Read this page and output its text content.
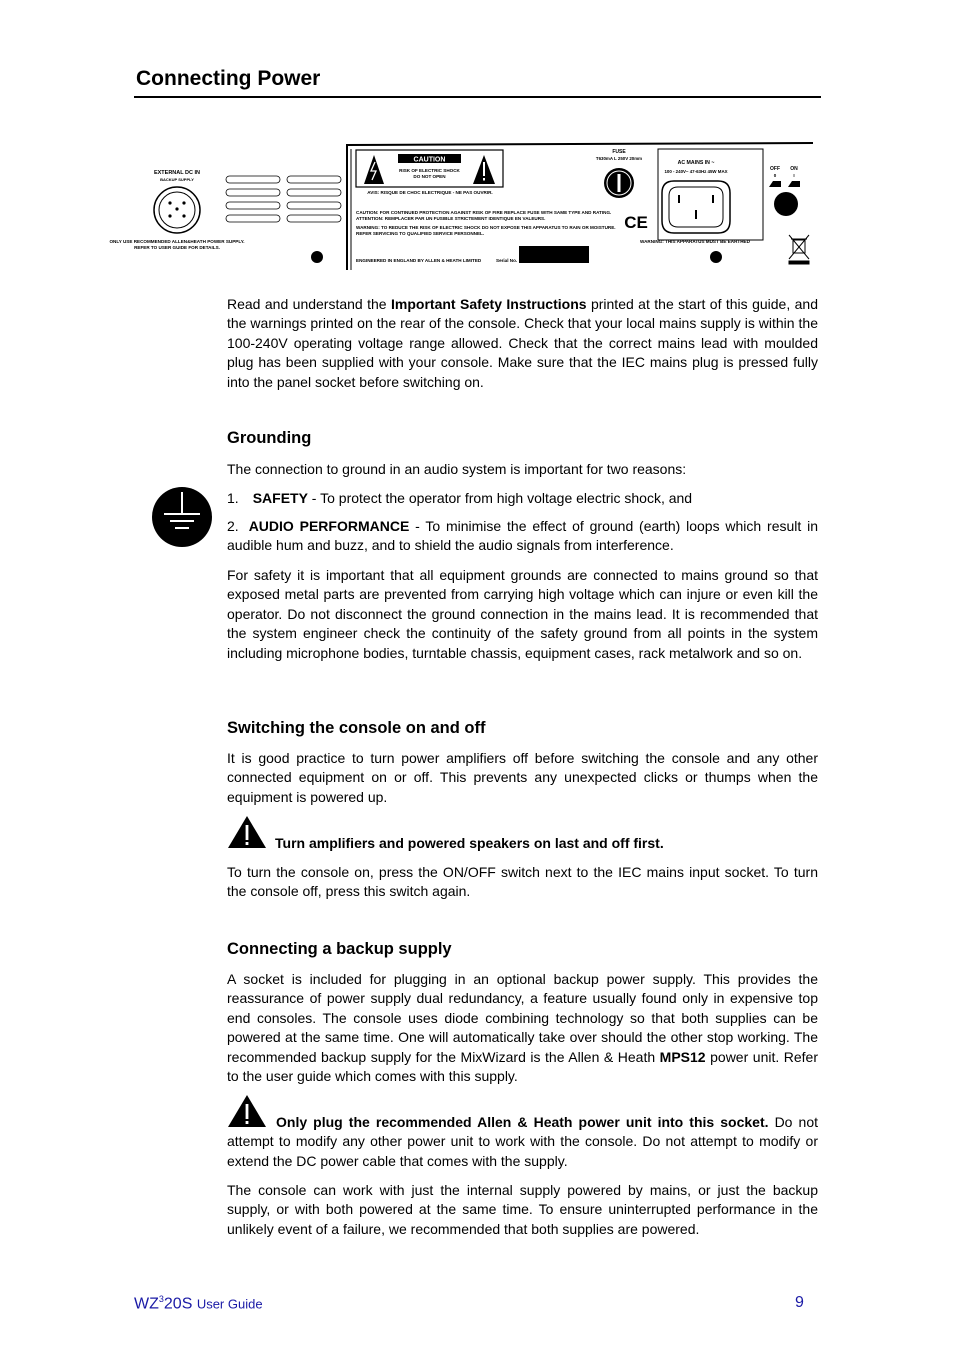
Connecting Power
EXTERNAL DC IN
BACKUP SUPPLY
ONLY USE RECOMMENDED ALLEN&HEATH POWER SUPPLY.
REFER TO USER GUIDE FOR DETAILS.
CAUTION
RISK OF ELECTRIC SHOCK
DO NOT OPEN
AVIS: RISQUE DE CHOC ELECTRIQUE - NE PAS OUVRIR.
CAUTION: FOR CONTINUED PROTECTION AGAINST RISK OF FIRE REPLACE FUSE WITH SAME TYPE AND RATING.
ATTENTION: REMPLACER PAR UN FUSIBLE STRICTEMENT IDENTIQUE EN VALEURS.
WARNING: TO REDUCE THE RISK OF ELECTRIC SHOCK DO NOT EXPOSE THIS APPARATUS TO RAIN OR MOISTURE.
REFER SERVICING TO QUALIFIED SERVICE PERSONNEL.
ENGINEERED IN ENGLAND BY ALLEN & HEATH LIMITED	Serial No.
FUSE
T630mA L 250V 20mm
CE
AC MAINS IN ~
100 - 240V~ 47-63Hz 45W MAX
WARNING: THIS APPARATUS MUST BE EARTHED
OFF ON
0	I

Read and understand the Important Safety Instructions printed at the start of this guide, and the warnings printed on the rear of the console. Check that your local mains supply is within the 100-240V operating voltage range allowed. Check that the correct mains lead with moulded plug has been supplied with your console. Make sure that the IEC mains plug is pressed fully into the panel socket before switching on.

Grounding

The connection to ground in an audio system is important for two reasons:

1. SAFETY - To protect the operator from high voltage electric shock, and

2. AUDIO PERFORMANCE - To minimise the effect of ground (earth) loops which result in audible hum and buzz, and to shield the audio signals from interference.

For safety it is important that all equipment grounds are connected to mains ground so that exposed metal parts are prevented from carrying high voltage which can injure or even kill the operator. Do not disconnect the ground connection in the mains lead. It is recommended that the system engineer check the continuity of the safety ground from all points in the system including microphone bodies, turntable chassis, equipment cases, rack metalwork and so on.

Switching the console on and off

It is good practice to turn power amplifiers off before switching the console and any other connected equipment on or off. This prevents any unexpected clicks or thumps when the equipment is powered up.

Turn amplifiers and powered speakers on last and off first.

To turn the console on, press the ON/OFF switch next to the IEC mains input socket. To turn the console off, press this switch again.

Connecting a backup supply

A socket is included for plugging in an optional backup power supply. This provides the reassurance of power supply dual redundancy, a feature usually found only in expensive top end consoles. The console uses diode combining technology so that both supplies can be powered at the same time. One will automatically take over should the other stop working. The recommended backup supply for the MixWizard is the Allen & Heath MPS12 power unit. Refer to the user guide which comes with this supply.

Only plug the recommended Allen & Heath power unit into this socket. Do not attempt to modify any other power unit to work with the console. Do not attempt to modify or extend the DC power cable that comes with the supply.

The console can work with just the internal supply powered by mains, or just the backup supply, or with both powered at the same time. To ensure uninterrupted performance in the unlikely event of a failure, we recommended that both supplies are powered.

$WZ^320S$ User Guide	9
